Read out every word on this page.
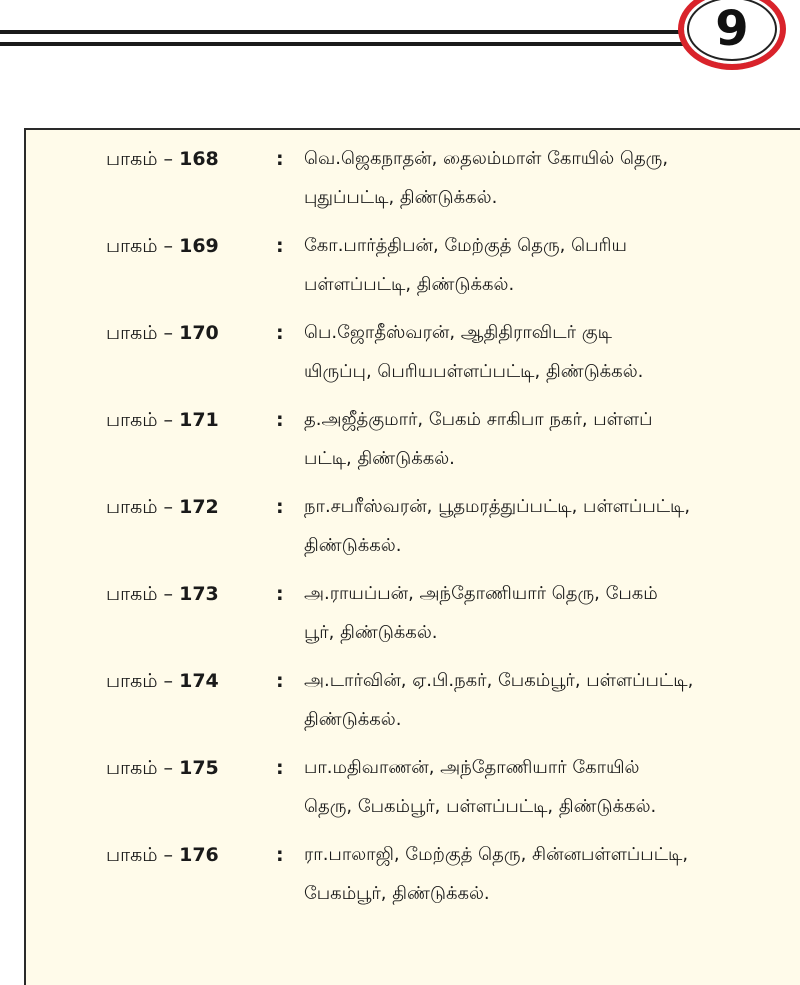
9
பாகம் – 168	: வெ.ஜெகநாதன், தைலம்மாள் கோயில் தெரு,
புதுப்பட்டி, திண்டுக்கல்.
பாகம் – 169	: கோ.பார்த்திபன், மேற்குத் தெரு, பெரிய
பள்ளப்பட்டி, திண்டுக்கல்.
பாகம் – 170	: பெ.ஜோதீஸ்வரன், ஆதிதிராவிடர் குடி
யிருப்பு, பெரியபள்ளப்பட்டி, திண்டுக்கல்.
பாகம் – 171	: த.அஜீத்குமார், பேகம் சாகிபா நகர், பள்ளப்
பட்டி, திண்டுக்கல்.
பாகம் – 172	: நா.சபரீஸ்வரன், பூதமரத்துப்பட்டி, பள்ளப்பட்டி,
திண்டுக்கல்.
பாகம் – 173	: அ.ராயப்பன், அந்தோணியார் தெரு, பேகம்
பூர், திண்டுக்கல்.
பாகம் – 174	: அ.டார்வின், ஏ.பி.நகர், பேகம்பூர், பள்ளப்பட்டி,
திண்டுக்கல்.
பாகம் – 175	: பா.மதிவாணன், அந்தோணியார் கோயில்
தெரு, பேகம்பூர், பள்ளப்பட்டி, திண்டுக்கல்.
பாகம் – 176	: ரா.பாலாஜி, மேற்குத் தெரு, சின்னபள்ளப்பட்டி,
பேகம்பூர், திண்டுக்கல்.
